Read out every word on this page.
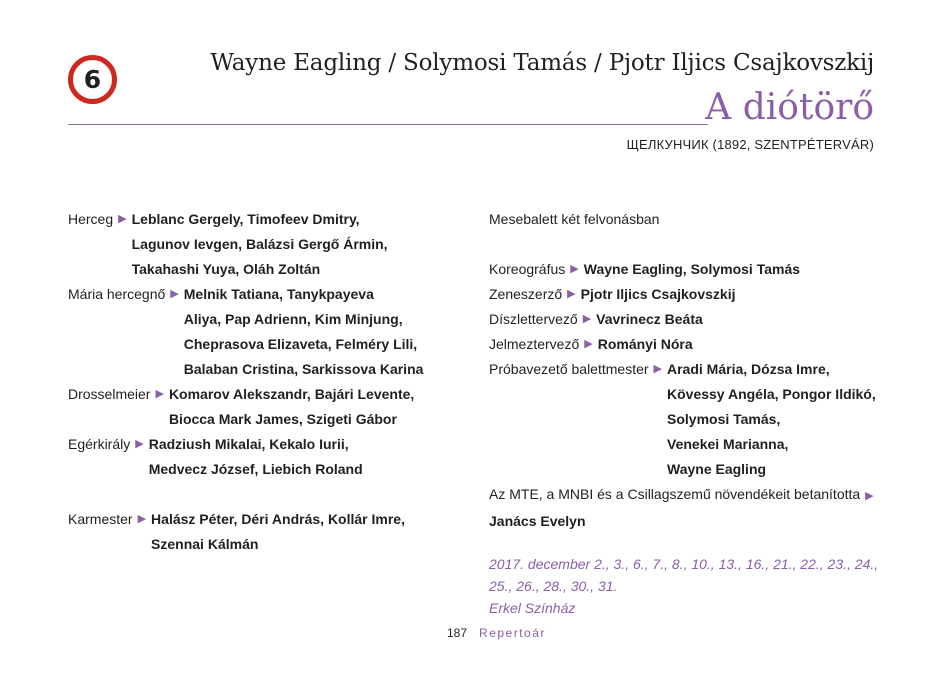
6
Wayne Eagling / Solymosi Tamás / Pjotr Iljics Csajkovszkij
A diótörő
ЩЕЛКУНЧИК (1892, SZENTPÉTERVÁR)
Herceg ▶ Leblanc Gergely, Timofeev Dmitry,
Lagunov Ievgen, Balázsi Gergő Ármin,
Takahashi Yuya, Oláh Zoltán
Mária hercegnő ▶ Melnik Tatiana, Tanykpayeva
Aliya, Pap Adrienn, Kim Minjung,
Cheprasova Elizaveta, Felméry Lili,
Balaban Cristina, Sarkissova Karina
Drosselmeier ▶ Komarov Alekszandr, Bajári Levente,
Biocca Mark James, Szigeti Gábor
Egérkirály ▶ Radziush Mikalai, Kekalo Iurii,
Medvecz József, Liebich Roland
Karmester ▶ Halász Péter, Déri András, Kollár Imre,
Szennai Kálmán
Mesebalett két felvonásban
Koreográfus ▶ Wayne Eagling, Solymosi Tamás
Zeneszerző ▶ Pjotr Iljics Csajkovszkij
Díszlettervező ▶ Vavrinecz Beáta
Jelmeztervező ▶ Rományi Nóra
Próbavezető balettmester ▶ Aradi Mária, Dózsa Imre,
Kövessy Angéla, Pongor Ildikó,
Solymosi Tamás,
Venekei Marianna,
Wayne Eagling
Az MTE, a MNBI és a Csillagszemű növendékeit betanította ▶
Janács Evelyn
2017. december 2., 3., 6., 7., 8., 10., 13., 16., 21., 22., 23., 24.,
25., 26., 28., 30., 31.
Erkel Színház
187 Repertoár
